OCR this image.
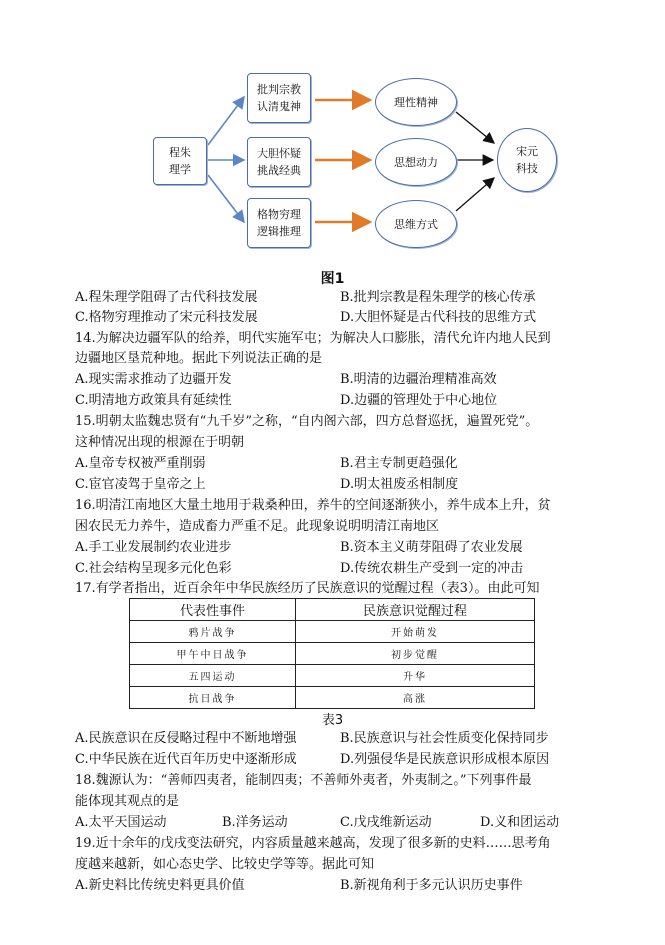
程朱
理学
批判宗教
认清鬼神
大胆怀疑
挑战经典
格物穷理
逻辑推理
理性精神
思想动力
思维方式
宋元
科技
图1
A.程朱理学阻碍了古代科技发展	B.批判宗教是程朱理学的核心传承
C.格物穷理推动了宋元科技发展	D.大胆怀疑是古代科技的思维方式
14.为解决边疆军队的给养，明代实施军屯；为解决人口膨胀，清代允许内地人民到
边疆地区垦荒种地。据此下列说法正确的是
A.现实需求推动了边疆开发	B.明清的边疆治理精准高效
C.明清地方政策具有延续性	D.边疆的管理处于中心地位
15.明朝太监魏忠贤有“九千岁”之称，“自内阁六部，四方总督巡抚，遍置死党”。
这种情况出现的根源在于明朝
A.皇帝专权被严重削弱	B.君主专制更趋强化
C.宦官凌驾于皇帝之上	D.明太祖废丞相制度
16.明清江南地区大量土地用于栽桑种田，养牛的空间逐渐狭小，养牛成本上升，贫
困农民无力养牛，造成畜力严重不足。此现象说明明清江南地区
A.手工业发展制约农业进步	B.资本主义萌芽阻碍了农业发展
C.社会结构呈现多元化色彩	D.传统农耕生产受到一定的冲击
17.有学者指出，近百余年中华民族经历了民族意识的觉醒过程（表3）。由此可知
代表性事件	民族意识觉醒过程
鸦片战争	开始萌发
甲午中日战争	初步觉醒
五四运动	升华
抗日战争	高涨
表3
A.民族意识在反侵略过程中不断地增强	B.民族意识与社会性质变化保持同步
C.中华民族在近代百年历史中逐渐形成	D.列强侵华是民族意识形成根本原因
18.魏源认为：“善师四夷者，能制四夷；不善师外夷者，外夷制之。”下列事件最
能体现其观点的是
A.太平天国运动	B.洋务运动	C.戊戌维新运动	D.义和团运动
19.近十余年的戊戌变法研究，内容质量越来越高，发现了很多新的史料……思考角
度越来越新，如心态史学、比较史学等等。据此可知
A.新史料比传统史料更具价值	B.新视角利于多元认识历史事件
